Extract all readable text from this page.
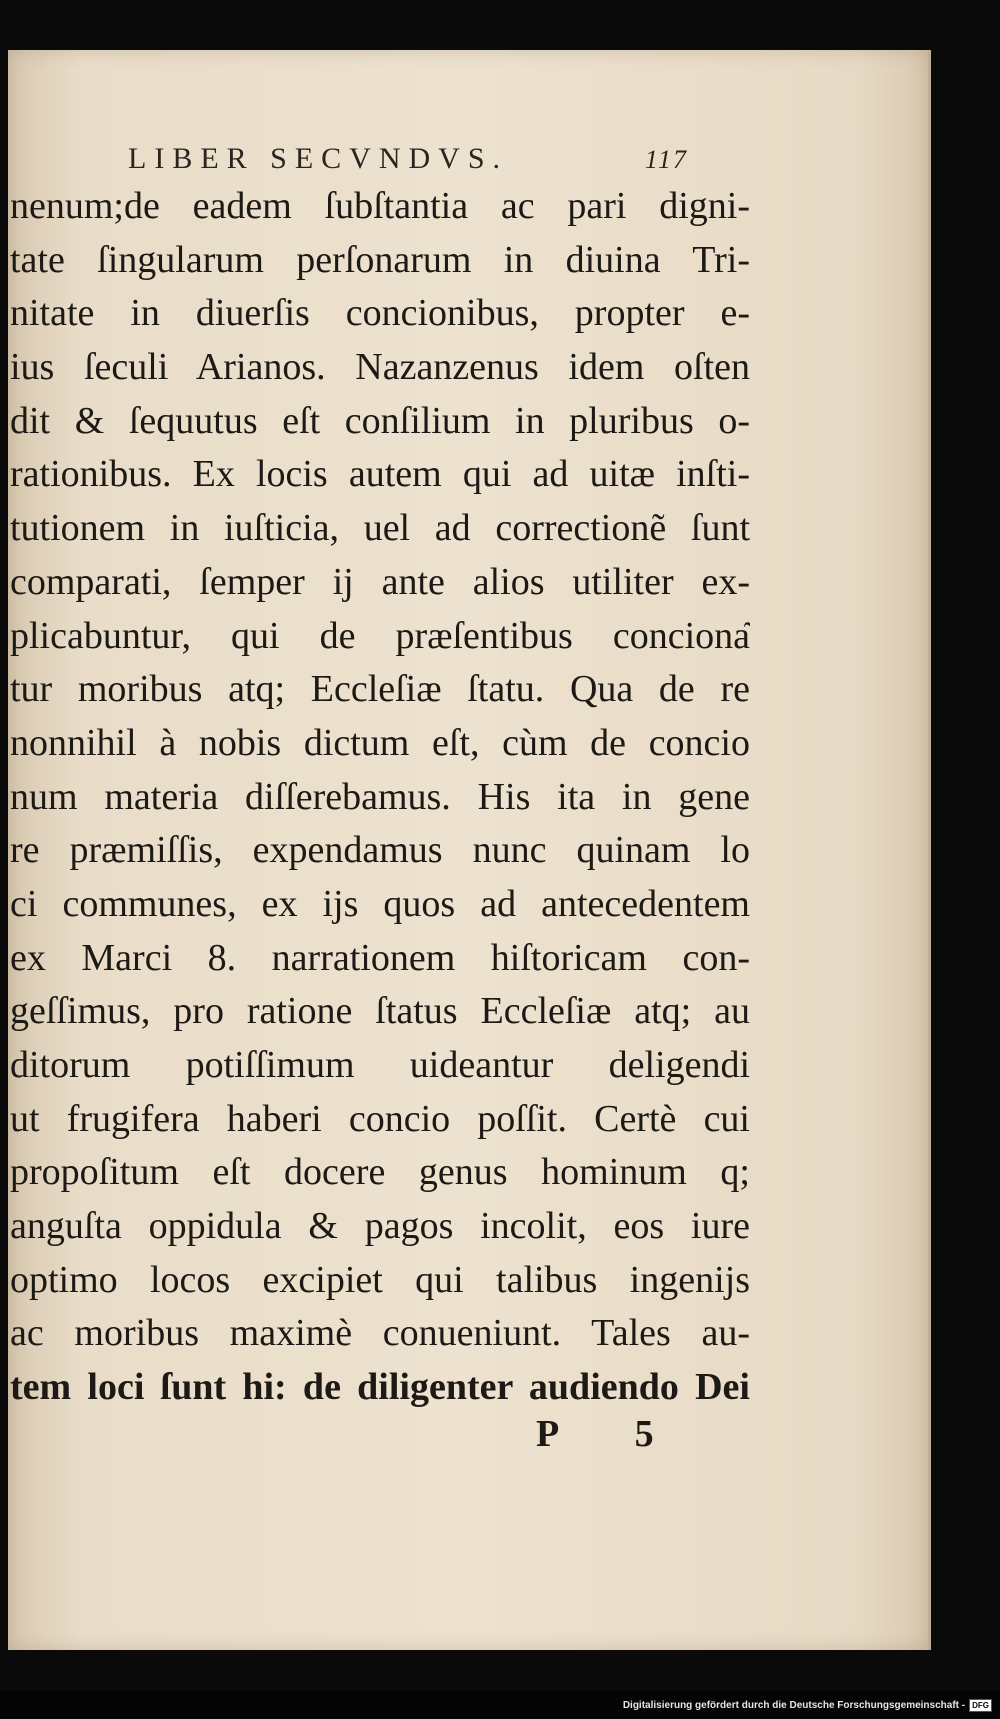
LIBER SECVNDVS.	117
nenum;de eadem ſubſtantia ac pari digni-
tate ſingularum perſonarum in diuina Tri-
nitate in diuerſis concionibus, propter e-
ius ſeculi Arianos. Nazanzenus idem oſten
dit & ſequutus eſt conſilium in pluribus o-
rationibus. Ex locis autem qui ad uitæ inſti-
tutionem in iuſticia, uel ad correctionẽ ſunt
comparati, ſemper ij ante alios utiliter ex-
plicabuntur, qui de præſentibus conciona͂
tur moribus atq; Eccleſiæ ſtatu. Qua de re
nonnihil à nobis dictum eſt, cùm de concio
num materia diſſerebamus. His ita in gene
re præmiſſis, expendamus nunc quinam lo
ci communes, ex ijs quos ad antecedentem
ex Marci 8. narrationem hiſtoricam con-
geſſimus, pro ratione ſtatus Eccleſiæ atq; au
ditorum potiſſimum uideantur deligendi
ut frugifera haberi concio poſſit. Certè cui
propoſitum eſt docere genus hominum q;
anguſta oppidula & pagos incolit, eos iure
optimo locos excipiet qui talibus ingenijs
ac moribus maximè conueniunt. Tales au-
tem loci ſunt hi: de diligenter audiendo Dei
P 5
Digitalisierung gefördert durch die Deutsche Forschungsgemeinschaft - DFG
